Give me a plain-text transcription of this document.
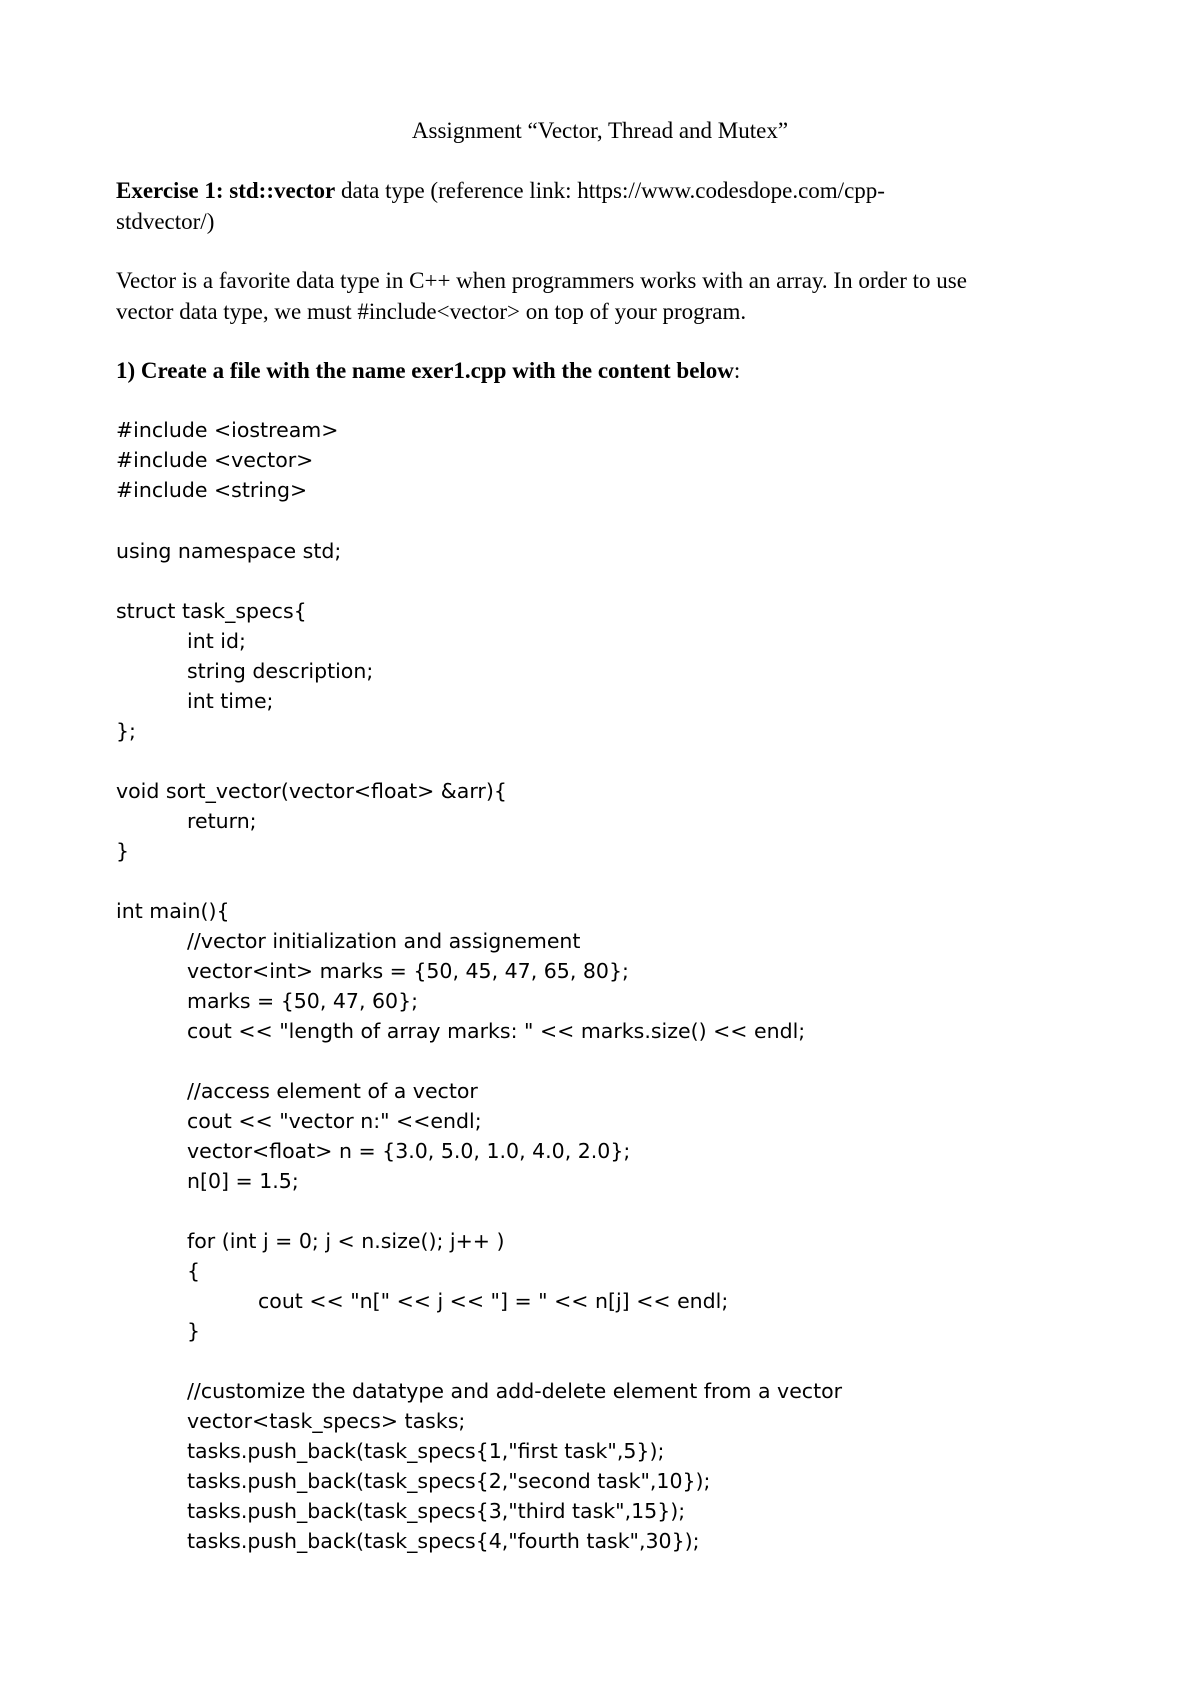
Assignment “Vector, Thread and Mutex”
Exercise 1: std::vector data type (reference link: https://www.codesdope.com/cpp-
stdvector/)
Vector is a favorite data type in C++ when programmers works with an array. In order to use
vector data type, we must #include<vector> on top of your program.
1) Create a file with the name exer1.cpp with the content below:
#include <iostream>
#include <vector>
#include <string>
using namespace std;
struct task_specs{
int id;
string description;
int time;
};
void sort_vector(vector<float> &arr){
return;
}
int main(){
//vector initialization and assignement
vector<int> marks = {50, 45, 47, 65, 80};
marks = {50, 47, 60};
cout << "length of array marks: " << marks.size() << endl;
//access element of a vector
cout << "vector n:" <<endl;
vector<float> n = {3.0, 5.0, 1.0, 4.0, 2.0};
n[0] = 1.5;
for (int j = 0; j < n.size(); j++ )
{
cout << "n[" << j << "] = " << n[j] << endl;
}
//customize the datatype and add-delete element from a vector
vector<task_specs> tasks;
tasks.push_back(task_specs{1,"first task",5});
tasks.push_back(task_specs{2,"second task",10});
tasks.push_back(task_specs{3,"third task",15});
tasks.push_back(task_specs{4,"fourth task",30});
